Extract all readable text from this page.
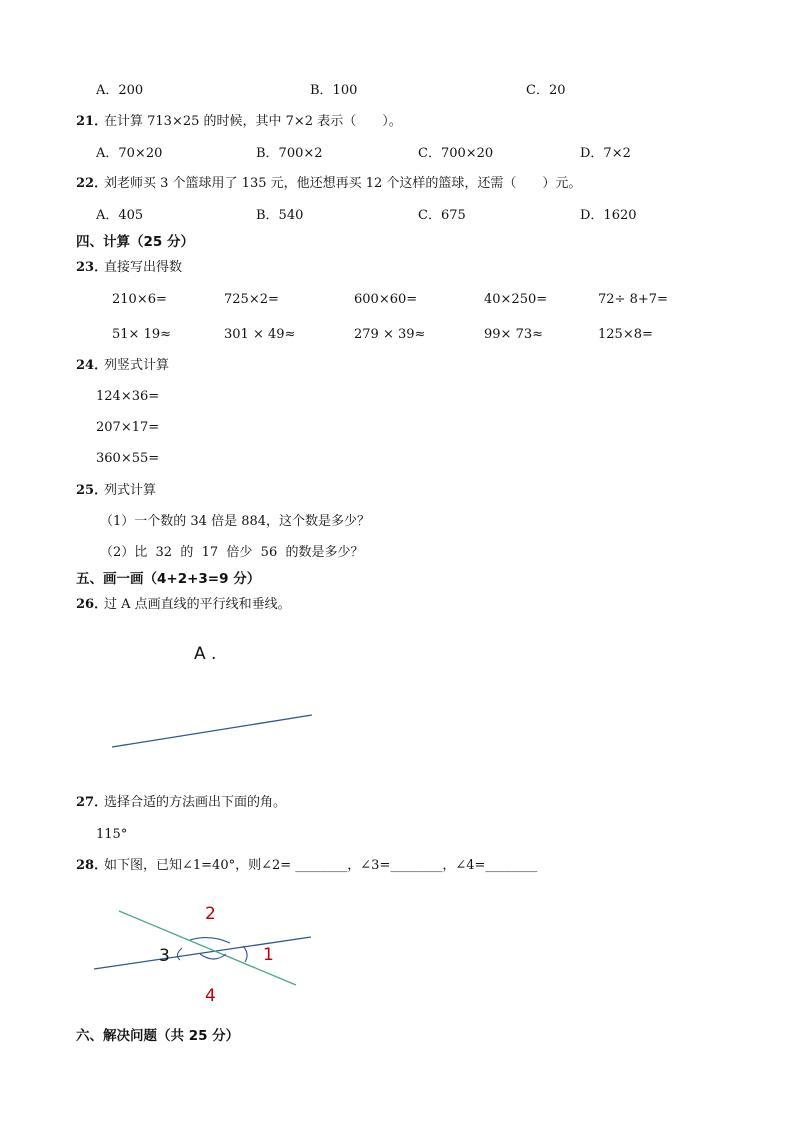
A．200	B．100	C．20
21．
在计算 713×25 的时候，其中 7×2 表示（　　）。
A．70×20	B．700×2	C．700×20	D．7×2
22．
刘老师买 3 个篮球用了 135 元，他还想再买 12 个这样的篮球，还需（　　）元。
A．405	B．540	C．675	D．1620
四、计算（25 分）
23．
直接写出得数
210×6=	725×2=	600×60=	40×250=	72÷ 8+7=
51× 19≈	301 × 49≈	279 × 39≈	99× 73≈	125×8=
24．
列竖式计算
124×36=
207×17=
360×55=
25．
列式计算
（1）一个数的 34 倍是 884，这个数是多少？
（2）比  32  的  17  倍少  56  的数是多少？
五、画一画（4+2+3=9 分）
26．
过 A 点画直线的平行线和垂线。
A .
27．
选择合适的方法画出下面的角。
115°
28．
如下图，已知∠1=40°，则∠2= ________，∠3=________，∠4=________
2
3	1
4
六、解决问题（共 25 分）
